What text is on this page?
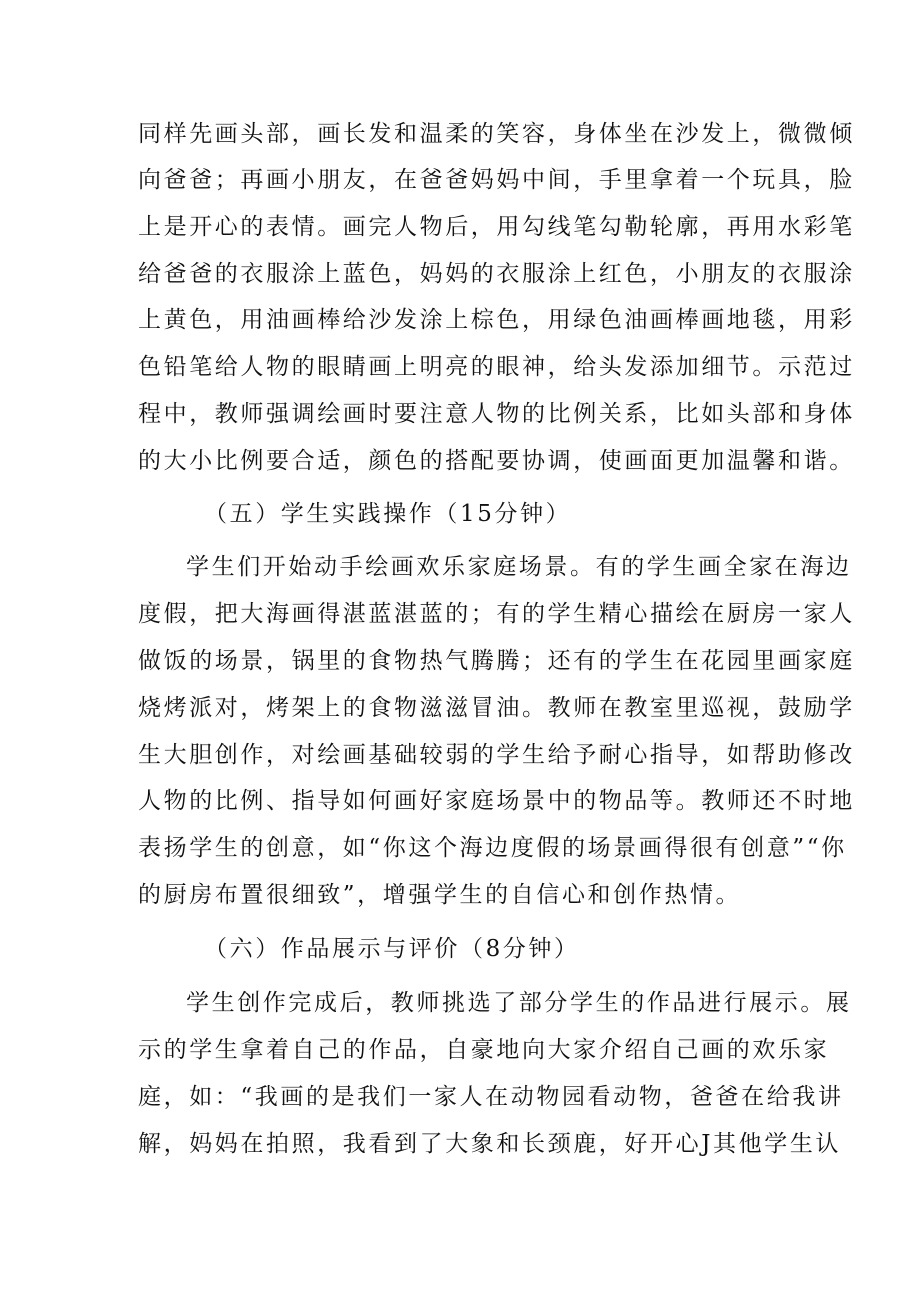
同样先画头部，画长发和温柔的笑容，身体坐在沙发上，微微倾
向爸爸；再画小朋友，在爸爸妈妈中间，手里拿着一个玩具，脸
上是开心的表情。画完人物后，用勾线笔勾勒轮廓，再用水彩笔
给爸爸的衣服涂上蓝色，妈妈的衣服涂上红色，小朋友的衣服涂
上黄色，用油画棒给沙发涂上棕色，用绿色油画棒画地毯，用彩
色铅笔给人物的眼睛画上明亮的眼神，给头发添加细节。示范过
程中，教师强调绘画时要注意人物的比例关系，比如头部和身体
的大小比例要合适，颜色的搭配要协调，使画面更加温馨和谐。
（五）学生实践操作（15分钟）
学生们开始动手绘画欢乐家庭场景。有的学生画全家在海边
度假，把大海画得湛蓝湛蓝的；有的学生精心描绘在厨房一家人
做饭的场景，锅里的食物热气腾腾；还有的学生在花园里画家庭
烧烤派对，烤架上的食物滋滋冒油。教师在教室里巡视，鼓励学
生大胆创作，对绘画基础较弱的学生给予耐心指导，如帮助修改
人物的比例、指导如何画好家庭场景中的物品等。教师还不时地
表扬学生的创意，如“你这个海边度假的场景画得很有创意”“你
的厨房布置很细致”，增强学生的自信心和创作热情。
（六）作品展示与评价（8分钟）
学生创作完成后，教师挑选了部分学生的作品进行展示。展
示的学生拿着自己的作品，自豪地向大家介绍自己画的欢乐家
庭，如：“我画的是我们一家人在动物园看动物，爸爸在给我讲
解，妈妈在拍照，我看到了大象和长颈鹿，好开心J其他学生认
